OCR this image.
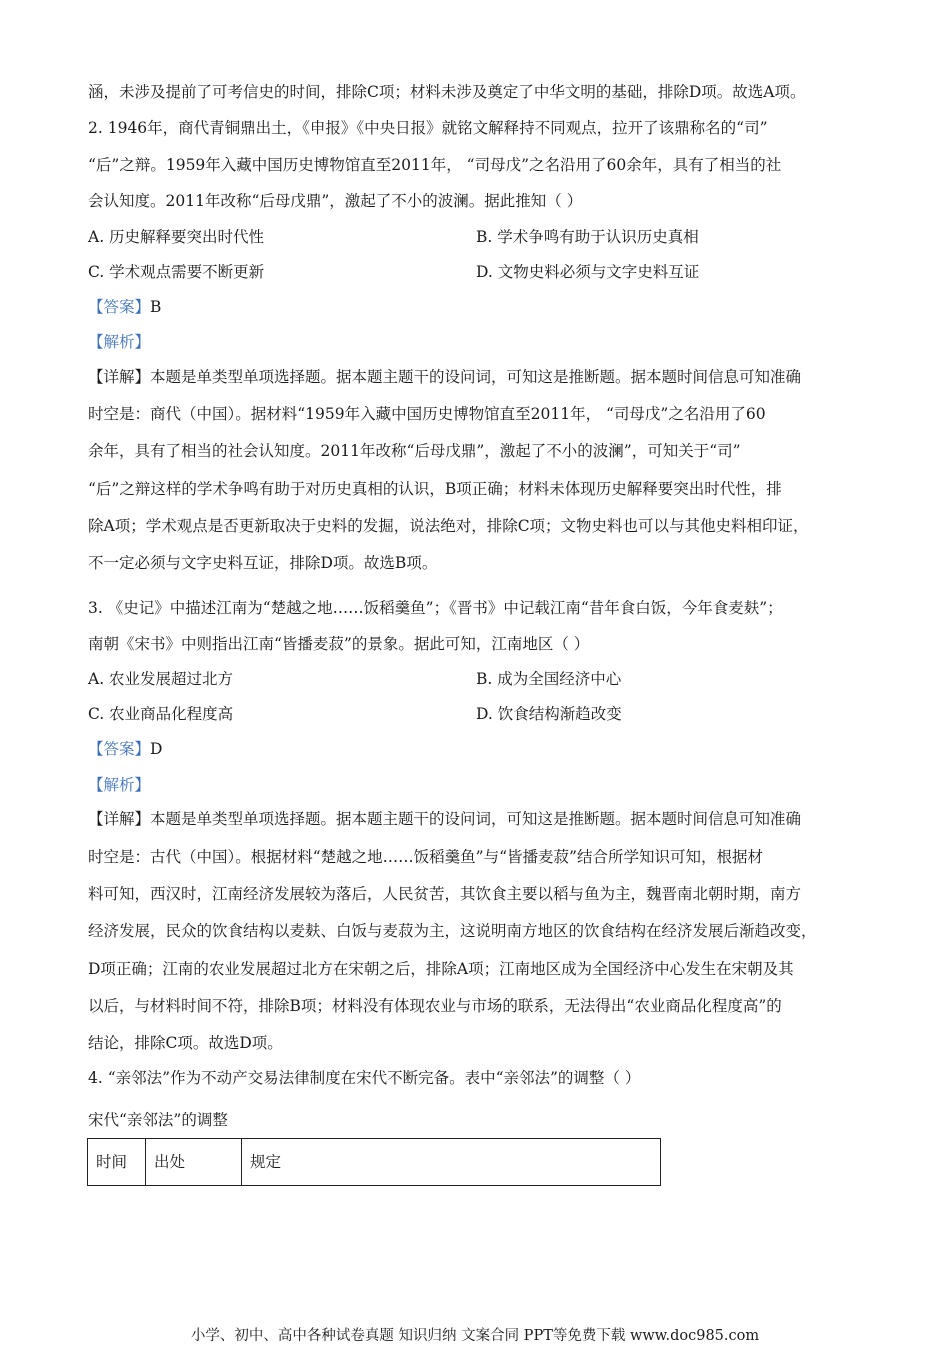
涵，未涉及提前了可考信史的时间，排除C项；材料未涉及奠定了中华文明的基础，排除D项。故选A项。
2. 1946年，商代青铜鼎出土，《申报》《中央日报》就铭文解释持不同观点，拉开了该鼎称名的“司”
“后”之辩。1959年入藏中国历史博物馆直至2011年， “司母戊”之名沿用了60余年，具有了相当的社
会认知度。2011年改称“后母戊鼎”，激起了不小的波澜。据此推知（ ）
A. 历史解释要突出时代性	B. 学术争鸣有助于认识历史真相
C. 学术观点需要不断更新	D. 文物史料必须与文字史料互证
【答案】B
【解析】
【详解】本题是单类型单项选择题。据本题主题干的设问词，可知这是推断题。据本题时间信息可知准确
时空是：商代（中国）。据材料“1959年入藏中国历史博物馆直至2011年， “司母戊”之名沿用了60
余年，具有了相当的社会认知度。2011年改称“后母戊鼎”，激起了不小的波澜”，可知关于“司”
“后”之辩这样的学术争鸣有助于对历史真相的认识，B项正确；材料未体现历史解释要突出时代性，排
除A项；学术观点是否更新取决于史料的发掘，说法绝对，排除C项；文物史料也可以与其他史料相印证，
不一定必须与文字史料互证，排除D项。故选B项。
3. 《史记》中描述江南为“楚越之地……饭稻羹鱼”；《晋书》中记载江南“昔年食白饭，今年食麦麸”；
南朝《宋书》中则指出江南“皆播麦菽”的景象。据此可知，江南地区（ ）
A. 农业发展超过北方	B. 成为全国经济中心
C. 农业商品化程度高	D. 饮食结构渐趋改变
【答案】D
【解析】
【详解】本题是单类型单项选择题。据本题主题干的设问词，可知这是推断题。据本题时间信息可知准确
时空是：古代（中国）。根据材料“楚越之地……饭稻羹鱼”与“皆播麦菽”结合所学知识可知，根据材
料可知，西汉时，江南经济发展较为落后，人民贫苦，其饮食主要以稻与鱼为主，魏晋南北朝时期，南方
经济发展，民众的饮食结构以麦麸、白饭与麦菽为主，这说明南方地区的饮食结构在经济发展后渐趋改变，
D项正确；江南的农业发展超过北方在宋朝之后，排除A项；江南地区成为全国经济中心发生在宋朝及其
以后，与材料时间不符，排除B项；材料没有体现农业与市场的联系，无法得出“农业商品化程度高”的
结论，排除C项。故选D项。
4. “亲邻法”作为不动产交易法律制度在宋代不断完备。表中“亲邻法”的调整（ ）
宋代“亲邻法”的调整
时间	出处	规定
小学、初中、高中各种试卷真题 知识归纳 文案合同 PPT等免费下载 www.doc985.com
